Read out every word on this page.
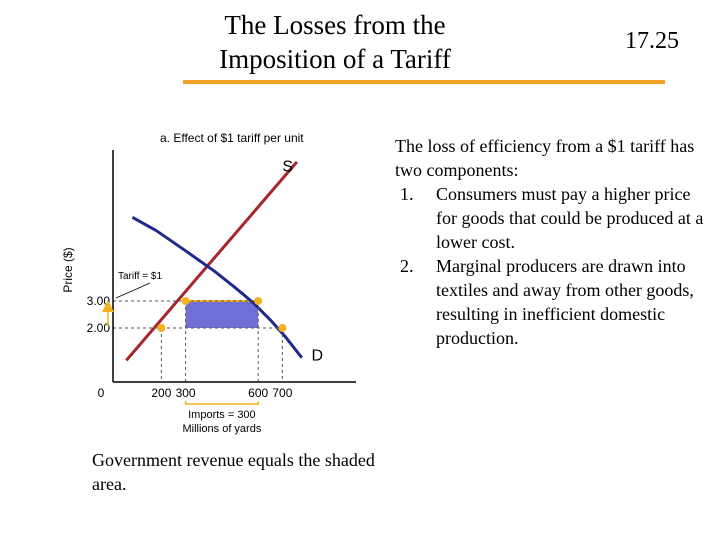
The Losses from the Imposition of a Tariff
17.25

The loss of efficiency from a $1 tariff has two components:

1. Consumers must pay a higher price for goods that could be produced at a lower cost.
2. Marginal producers are drawn into textiles and away from other goods, resulting in inefficient domestic production.
Government revenue equals the shaded area.
a. Effect of $1 tariff per unit
Price ($)
0	200 300	600 700
3.00
2.00
S
D
Tariff = $1
Imports = 300
Millions of yards
